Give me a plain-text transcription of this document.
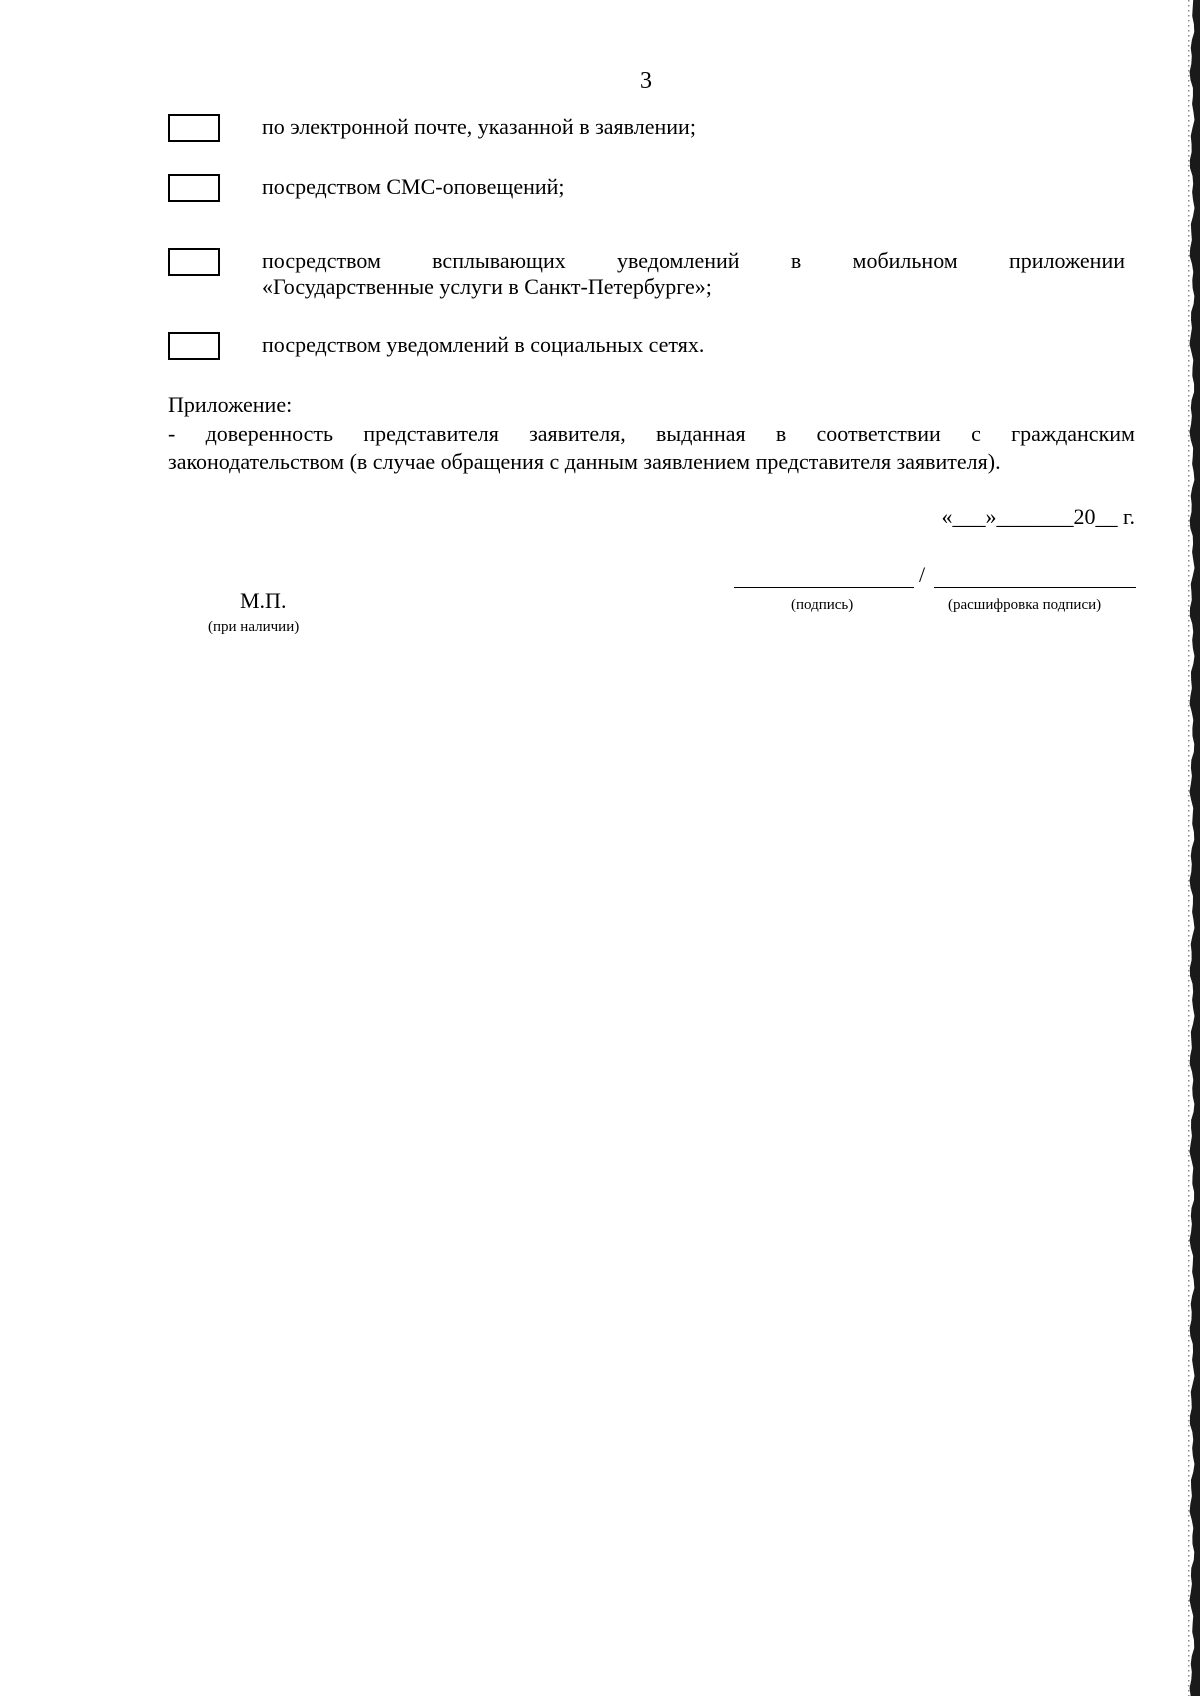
3
по электронной почте, указанной в заявлении;
посредством СМС-оповещений;
посредством всплывающих уведомлений в мобильном приложении
«Государственные услуги в Санкт-Петербурге»;
посредством уведомлений в социальных сетях.
Приложение:
- доверенность представителя заявителя, выданная в соответствии с гражданским
законодательством (в случае обращения с данным заявлением представителя заявителя).
«___»_______20__ г.
/
(подпись)	(расшифровка подписи)
М.П.
(при наличии)
